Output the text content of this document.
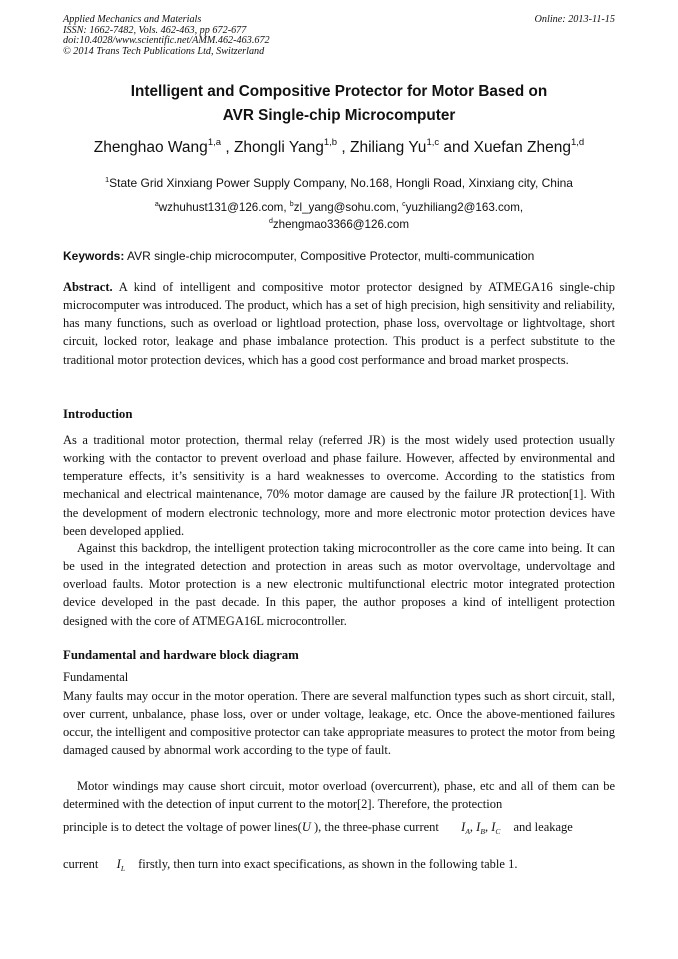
Applied Mechanics and Materials
ISSN: 1662-7482, Vols. 462-463, pp 672-677
doi:10.4028/www.scientific.net/AMM.462-463.672
© 2014 Trans Tech Publications Ltd, Switzerland
Online: 2013-11-15
Intelligent and Compositive Protector for Motor Based on
AVR Single-chip Microcomputer
Zhenghao Wang$^{1,a}$ , Zhongli Yang$^{1,b}$ , Zhiliang Yu$^{1,c}$ and Xuefan Zheng$^{1,d}$
$^1$State Grid Xinxiang Power Supply Company, No.168, Hongli Road, Xinxiang city, China
$^a$wzhuhust131@126.com, $^b$zl_yang@sohu.com, $^c$yuzhiliang2@163.com,
$^d$zhengmao3366@126.com
Keywords: AVR single-chip microcomputer, Compositive Protector, multi-communication
Abstract. A kind of intelligent and compositive motor protector designed by ATMEGA16 single-chip microcomputer was introduced. The product, which has a set of high precision, high sensitivity and reliability, has many functions, such as overload or lightload protection, phase loss, overvoltage or lightvoltage, short circuit, locked rotor, leakage and phase imbalance protection. This product is a perfect substitute to the traditional motor protection devices, which has a good cost performance and broad market prospects.
Introduction
As a traditional motor protection, thermal relay (referred JR) is the most widely used protection usually working with the contactor to prevent overload and phase failure. However, affected by environmental and temperature effects, it’s sensitivity is a hard weaknesses to overcome. According to the statistics from mechanical and electrical maintenance, 70% motor damage are caused by the failure JR protection[1]. With the development of modern electronic technology, more and more electronic motor protection devices have been developed applied.
Against this backdrop, the intelligent protection taking microcontroller as the core came into being. It can be used in the integrated detection and protection in areas such as motor overvoltage, undervoltage and overload faults. Motor protection is a new electronic multifunctional electric motor integrated protection device developed in the past decade. In this paper, the author proposes a kind of intelligent protection designed with the core of ATMEGA16L microcontroller.
Fundamental and hardware block diagram
Fundamental
Many faults may occur in the motor operation. There are several malfunction types such as short circuit, stall, over current, unbalance, phase loss, over or under voltage, leakage, etc. Once the above-mentioned failures occur, the intelligent and compositive protector can take appropriate measures to protect the motor from being damaged caused by abnormal work according to the type of fault.
Motor windings may cause short circuit, motor overload (overcurrent), phase, etc and all of them can be determined with the detection of input current to the motor[2]. Therefore, the protection
principle is to detect the voltage of power lines(U ), the three-phase current $I_A$, $I_B$, $I_C$ and leakage
current $I_L$ firstly, then turn into exact specifications, as shown in the following table 1.
